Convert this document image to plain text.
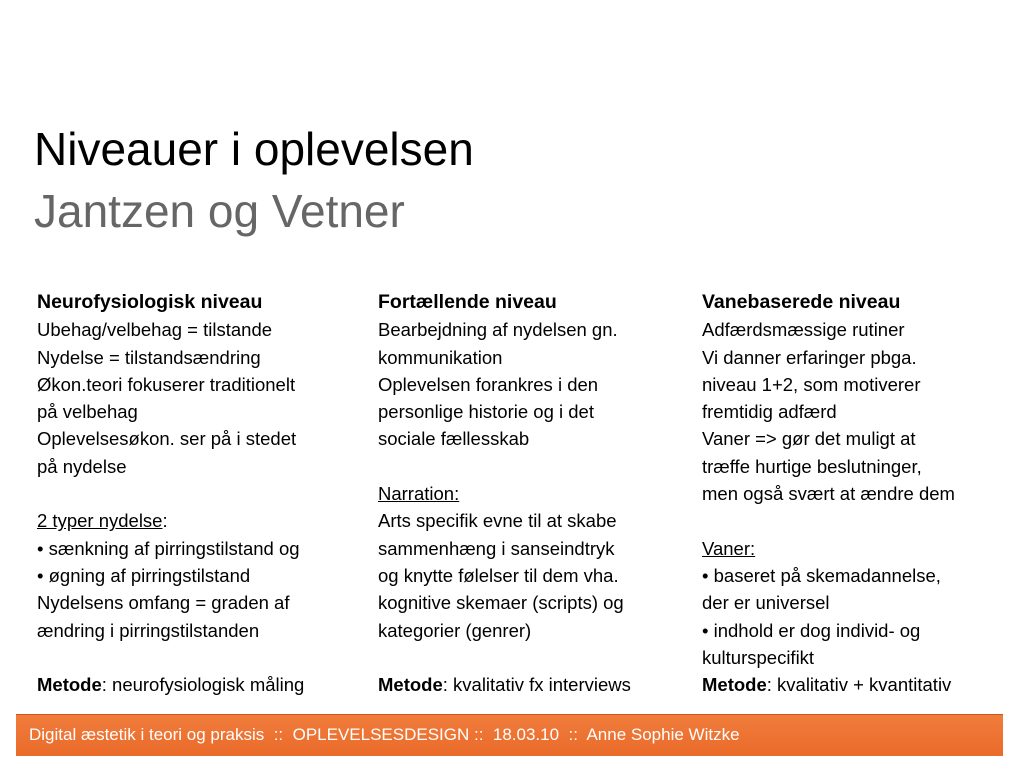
Niveauer i oplevelsen
Jantzen og Vetner
Neurofysiologisk niveau
Ubehag/velbehag = tilstande
Nydelse = tilstandsændring
Økon.teori fokuserer traditionelt
på velbehag
Oplevelsesøkon. ser på i stedet
på nydelse
2 typer nydelse:
• sænkning af pirringstilstand og
• øgning af pirringstilstand
Nydelsens omfang = graden af
ændring i pirringstilstanden
Metode: neurofysiologisk måling
Fortællende niveau
Bearbejdning af nydelsen gn.
kommunikation
Oplevelsen forankres i den
personlige historie og i det
sociale fællesskab
Narration:
Arts specifik evne til at skabe
sammenhæng i sanseindtryk
og knytte følelser til dem vha.
kognitive skemaer (scripts) og
kategorier (genrer)
Metode: kvalitativ fx interviews
Vanebaserede niveau
Adfærdsmæssige rutiner
Vi danner erfaringer pbga.
niveau 1+2, som motiverer
fremtidig adfærd
Vaner => gør det muligt at
træffe hurtige beslutninger,
men også svært at ændre dem
Vaner:
• baseret på skemadannelse,
der er universel
• indhold er dog individ- og
kulturspecifikt
Metode: kvalitativ + kvantitativ
Digital æstetik i teori og praksis  ::  OPLEVELSESDESIGN ::  18.03.10  ::  Anne Sophie Witzke
